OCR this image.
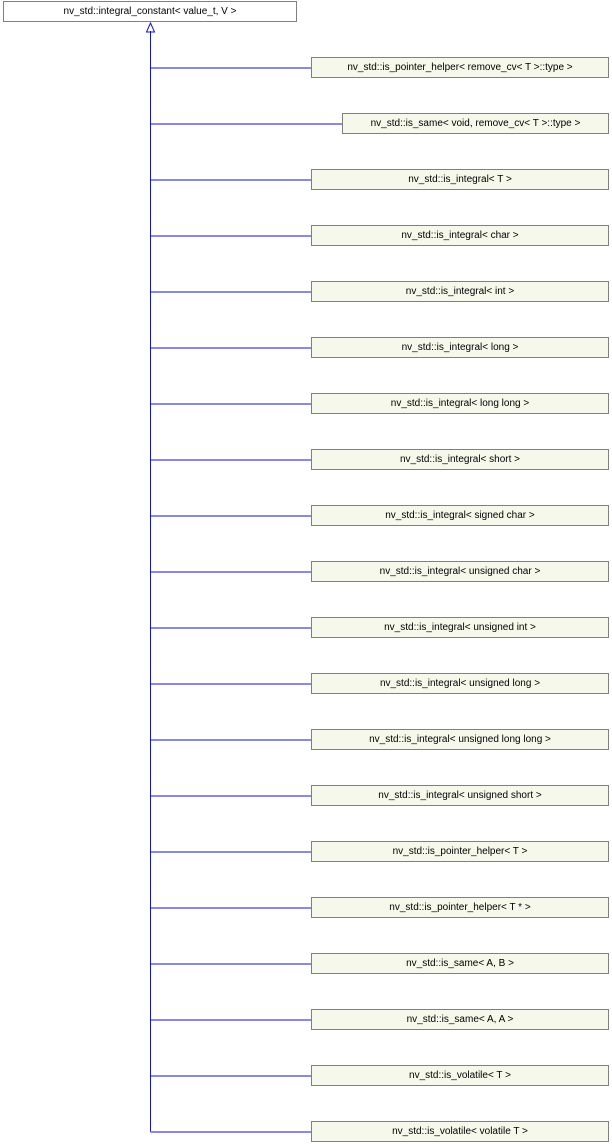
nv_std::integral_constant< value_t, V >
nv_std::is_pointer_helper< remove_cv< T >::type >
nv_std::is_same< void, remove_cv< T >::type >
nv_std::is_integral< T >
nv_std::is_integral< char >
nv_std::is_integral< int >
nv_std::is_integral< long >
nv_std::is_integral< long long >
nv_std::is_integral< short >
nv_std::is_integral< signed char >
nv_std::is_integral< unsigned char >
nv_std::is_integral< unsigned int >
nv_std::is_integral< unsigned long >
nv_std::is_integral< unsigned long long >
nv_std::is_integral< unsigned short >
nv_std::is_pointer_helper< T >
nv_std::is_pointer_helper< T * >
nv_std::is_same< A, B >
nv_std::is_same< A, A >
nv_std::is_volatile< T >
nv_std::is_volatile< volatile T >
